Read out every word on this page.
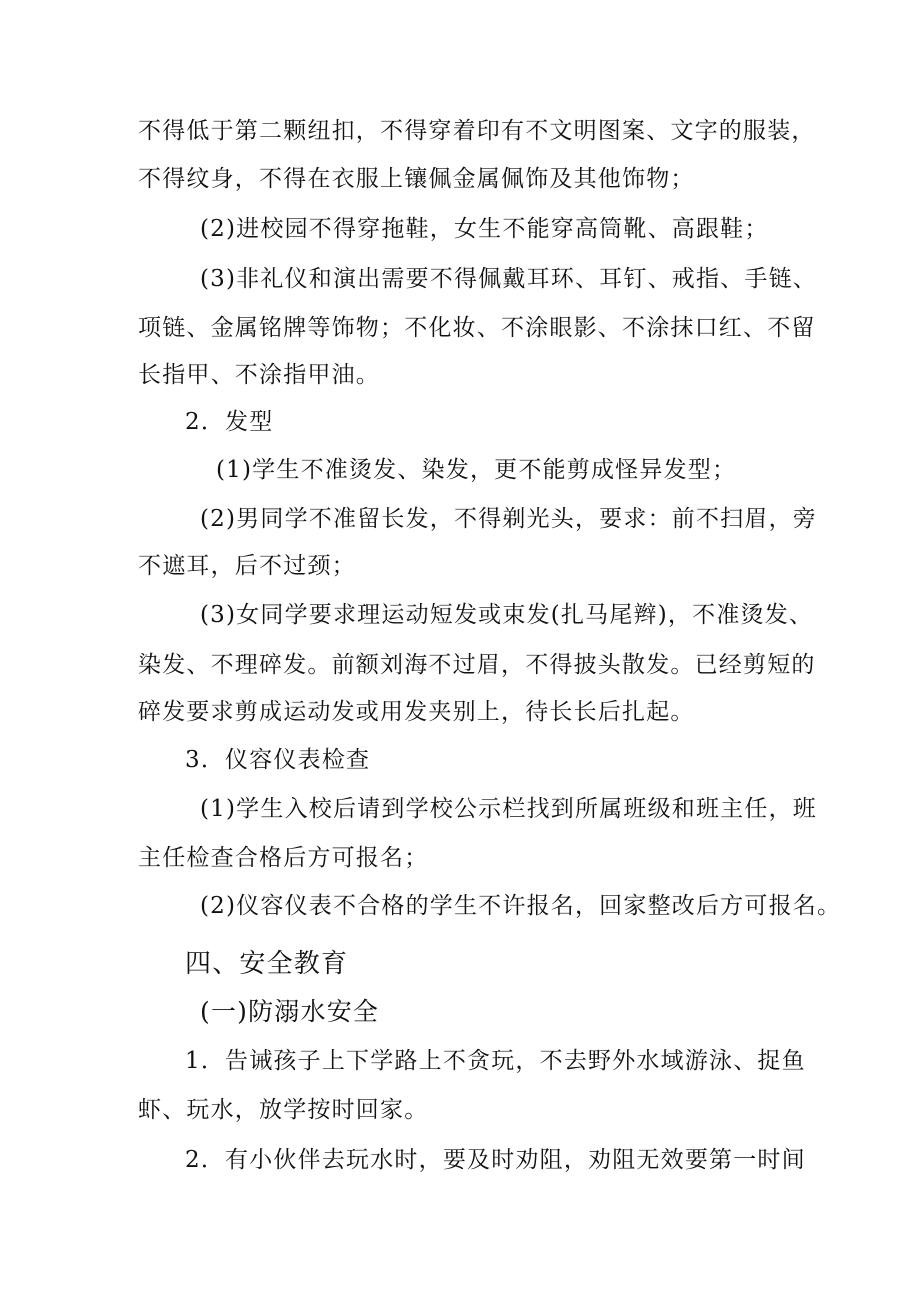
不得低于第二颗纽扣，不得穿着印有不文明图案、文字的服装，
不得纹身，不得在衣服上镶佩金属佩饰及其他饰物；
(2)进校园不得穿拖鞋，女生不能穿高筒靴、高跟鞋；
(3)非礼仪和演出需要不得佩戴耳环、耳钉、戒指、手链、
项链、金属铭牌等饰物；不化妆、不涂眼影、不涂抹口红、不留
长指甲、不涂指甲油。
2．发型
(1)学生不准烫发、染发，更不能剪成怪异发型；
(2)男同学不准留长发，不得剃光头，要求：前不扫眉，旁
不遮耳，后不过颈；
(3)女同学要求理运动短发或束发(扎马尾辫)，不准烫发、
染发、不理碎发。前额刘海不过眉，不得披头散发。已经剪短的
碎发要求剪成运动发或用发夹别上，待长长后扎起。
3．仪容仪表检查
(1)学生入校后请到学校公示栏找到所属班级和班主任，班
主任检查合格后方可报名；
(2)仪容仪表不合格的学生不许报名，回家整改后方可报名。
四、安全教育
(一)防溺水安全
1．告诫孩子上下学路上不贪玩，不去野外水域游泳、捉鱼
虾、玩水，放学按时回家。
2．有小伙伴去玩水时，要及时劝阻，劝阻无效要第一时间
